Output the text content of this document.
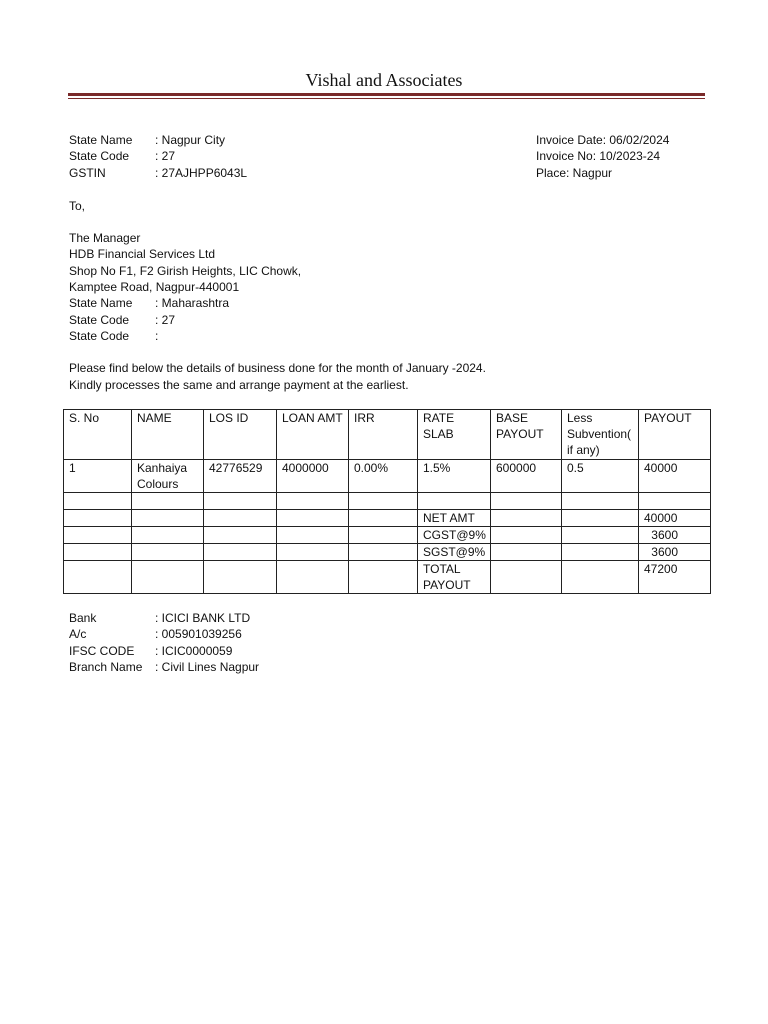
Vishal and Associates
State Name : Nagpur City
State Code : 27
GSTIN	: 27AJHPP6043L
Invoice Date: 06/02/2024
Invoice No: 10/2023-24
Place: Nagpur
To,
The Manager
HDB Financial Services Ltd
Shop No F1, F2 Girish Heights, LIC Chowk,
Kamptee Road, Nagpur-440001
State Name : Maharashtra
State Code : 27
State Code :
Please find below the details of business done for the month of January -2024.
Kindly processes the same and arrange payment at the earliest.
S. No	NAME	LOS ID	LOAN AMT	IRR	RATE SLAB	BASE PAYOUT	Less Subvention( if any)	PAYOUT
1	Kanhaiya Colours	42776529	4000000	0.00%	1.5%	600000	0.5	40000

					NET AMT			40000
					CGST@9%			3600
					SGST@9%			3600
					TOTAL PAYOUT			47200
Bank	: ICICI BANK LTD
A/c	: 005901039256
IFSC CODE : ICIC0000059
Branch Name : Civil Lines Nagpur
